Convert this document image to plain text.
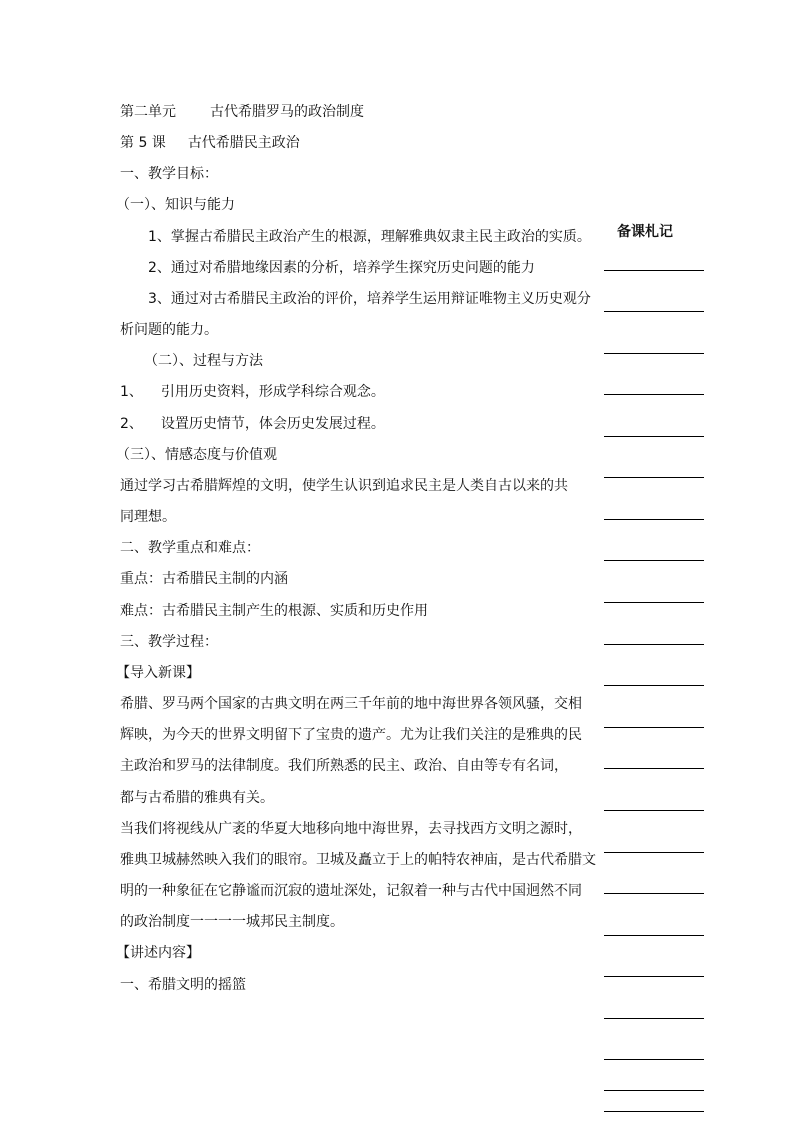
第二单元 古代希腊罗马的政治制度
第 5 课 古代希腊民主政治
一、教学目标：
（一）、知识与能力
1、掌握古希腊民主政治产生的根源，理解雅典奴隶主民主政治的实质。
2、通过对希腊地缘因素的分析，培养学生探究历史问题的能力
3、通过对古希腊民主政治的评价，培养学生运用辩证唯物主义历史观分
析问题的能力。
（二）、过程与方法
1、 引用历史资料，形成学科综合观念。
2、 设置历史情节，体会历史发展过程。
（三）、情感态度与价值观
通过学习古希腊辉煌的文明，使学生认识到追求民主是人类自古以来的共
同理想。
二、教学重点和难点：
重点：古希腊民主制的内涵
难点：古希腊民主制产生的根源、实质和历史作用
三、教学过程：
【导入新课】
希腊、罗马两个国家的古典文明在两三千年前的地中海世界各领风骚，交相
辉映，为今天的世界文明留下了宝贵的遗产。尤为让我们关注的是雅典的民
主政治和罗马的法律制度。我们所熟悉的民主、政治、自由等专有名词，
都与古希腊的雅典有关。
当我们将视线从广袤的华夏大地移向地中海世界，去寻找西方文明之源时，
雅典卫城赫然映入我们的眼帘。卫城及矗立于上的帕特农神庙，是古代希腊文
明的一种象征在它静谧而沉寂的遗址深处，记叙着一种与古代中国迥然不同
的政治制度一一一一城邦民主制度。
【讲述内容】
一、希腊文明的摇篮
备课札记
